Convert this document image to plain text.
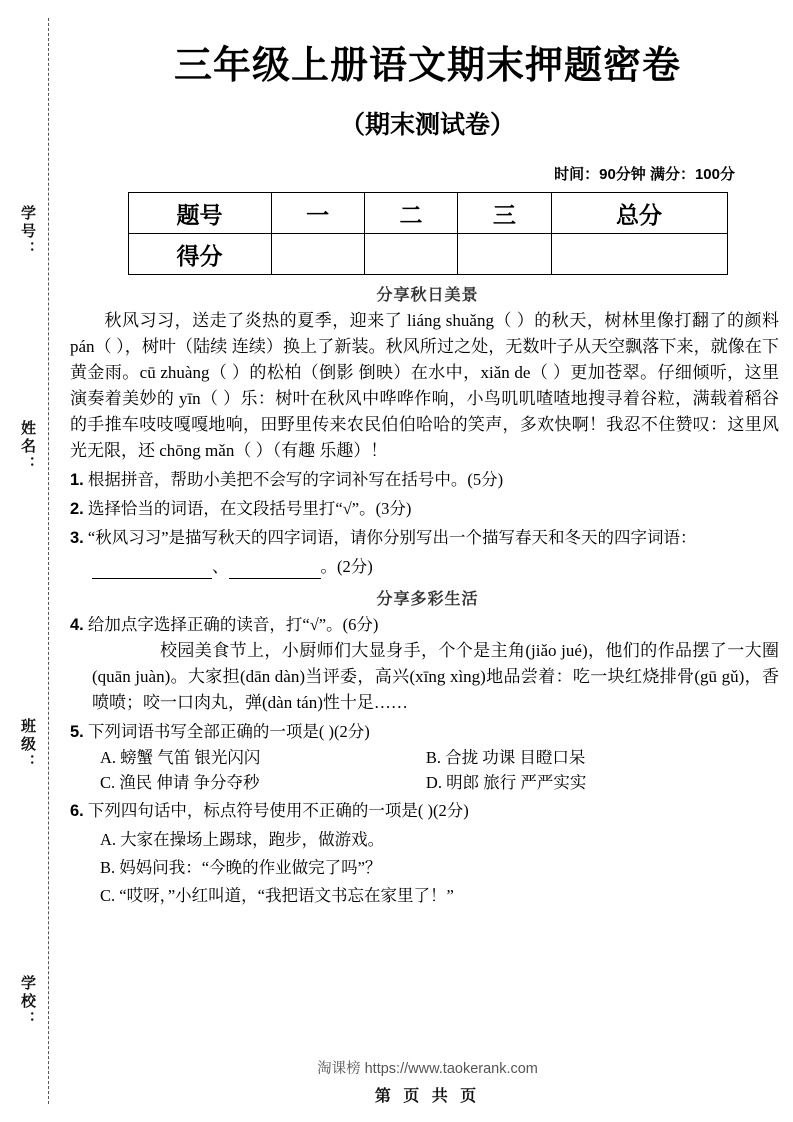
学号：
姓名：
班级：
学校：
三年级上册语文期末押题密卷
（期末测试卷）
时间：90分钟 满分：100分
题号	一	二	三	总分
得分				
分享秋日美景
秋风习习，送走了炎热的夏季，迎来了 liáng shuǎng（ ）的秋天，树林里像打翻了的颜料 pán（ ），树叶（陆续 连续）换上了新装。秋风所过之处，无数叶子从天空飘落下来，就像在下黄金雨。cū zhuàng（ ）的松柏（倒影 倒映）在水中，xiǎn de（ ）更加苍翠。仔细倾听，这里演奏着美妙的 yīn（ ）乐：树叶在秋风中哗哗作响，小鸟叽叽喳喳地搜寻着谷粒，满载着稻谷的手推车吱吱嘎嘎地响，田野里传来农民伯伯哈哈的笑声，多欢快啊！我忍不住赞叹：这里风光无限，还 chōng mǎn（ ）（有趣 乐趣）！
1. 根据拼音，帮助小美把不会写的字词补写在括号中。(5分)
2. 选择恰当的词语，在文段括号里打“√”。(3分)
3. “秋风习习”是描写秋天的四字词语，请你分别写出一个描写春天和冬天的四字词语：
、	。(2分)
分享多彩生活
4. 给加点字选择正确的读音，打“√”。(6分)
校园美食节上，小厨师们大显身手，个个是主角(jiǎo jué)，他们的作品摆了一大圈(quān juàn)。大家担(dān dàn)当评委，高兴(xīng xìng)地品尝着：吃一块红烧排骨(gū gǔ)，香喷喷；咬一口肉丸，弹(dàn tán)性十足……
5. 下列词语书写全部正确的一项是( )(2分)
A. 螃蟹 气笛 银光闪闪	B. 合拢 功课 目瞪口呆
C. 渔民 伸请 争分夺秒	D. 明郎 旅行 严严实实
6. 下列四句话中，标点符号使用不正确的一项是( )(2分)
A. 大家在操场上踢球，跑步，做游戏。
B. 妈妈问我：“今晚的作业做完了吗”？
C. “哎呀，”小红叫道，“我把语文书忘在家里了！”
淘课榜 https://www.taokerank.com
第 页 共 页
